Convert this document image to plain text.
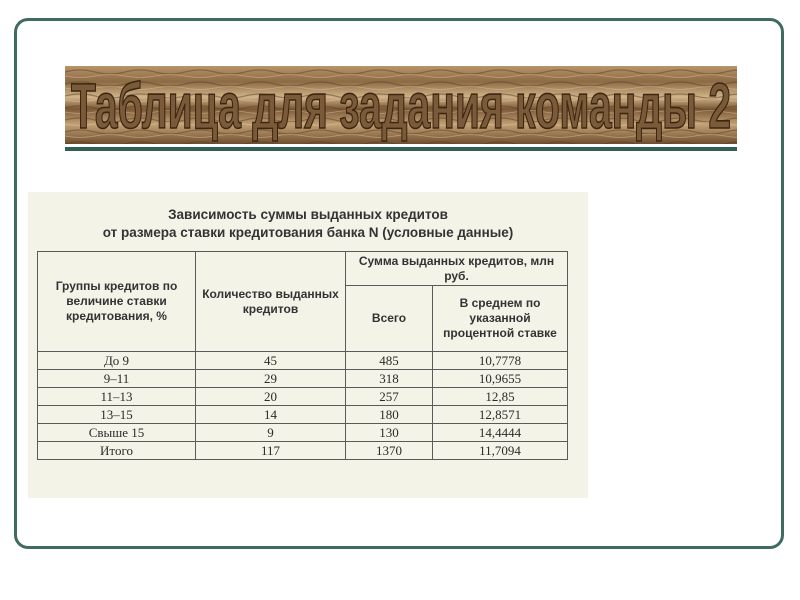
Таблица для задания команды 2
Зависимость суммы выданных кредитов
от размера ставки кредитования банка N (условные данные)
Группы кредитов по величине ставки кредитования, %	Количество выданных кредитов	Сумма выданных кредитов, млн руб.	
		Всего	В среднем по указанной процентной ставке
До 9	45	485	10,7778
9–11	29	318	10,9655
11–13	20	257	12,85
13–15	14	180	12,8571
Свыше 15	9	130	14,4444
Итого	117	1370	11,7094
